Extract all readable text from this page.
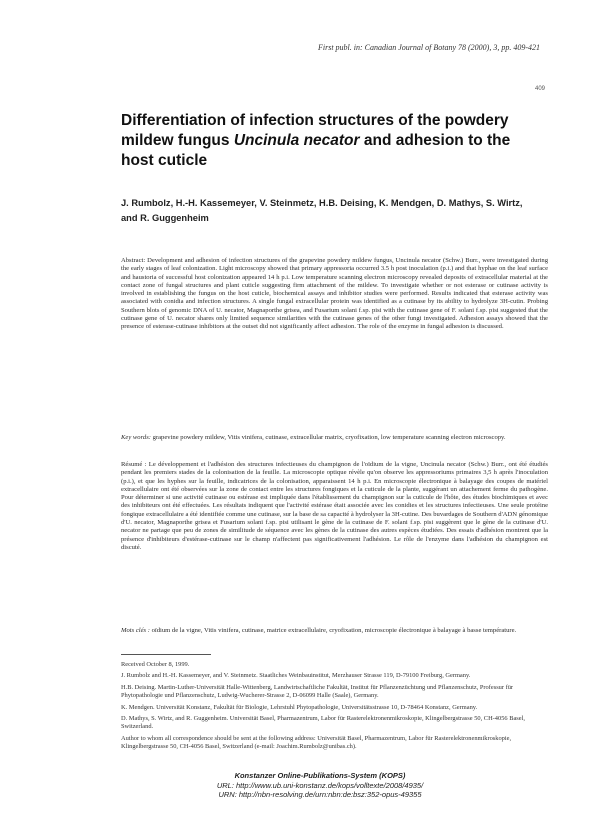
First publ. in: Canadian Journal of Botany 78 (2000), 3, pp. 409-421
409
Differentiation of infection structures of the powdery mildew fungus Uncinula necator and adhesion to the host cuticle
J. Rumbolz, H.-H. Kassemeyer, V. Steinmetz, H.B. Deising, K. Mendgen, D. Mathys, S. Wirtz, and R. Guggenheim
Abstract: Development and adhesion of infection structures of the grapevine powdery mildew fungus, Uncinula necator (Schw.) Burr., were investigated during the early stages of leaf colonization. Light microscopy showed that primary appressoria occurred 3.5 h post inoculation (p.i.) and that hyphae on the leaf surface and haustoria of successful host colonization appeared 14 h p.i. Low temperature scanning electron microscopy revealed deposits of extracellular material at the contact zone of fungal structures and plant cuticle suggesting firm attachment of the mildew. To investigate whether or not esterase or cutinase activity is involved in establishing the fungus on the host cuticle, biochemical assays and inhibitor studies were performed. Results indicated that esterase activity was associated with conidia and infection structures. A single fungal extracellular protein was identified as a cutinase by its ability to hydrolyze 3H-cutin. Probing Southern blots of genomic DNA of U. necator, Magnaporthe grisea, and Fusarium solani f.sp. pisi with the cutinase gene of F. solani f.sp. pisi suggested that the cutinase gene of U. necator shares only limited sequence similarities with the cutinase genes of the other fungi investigated. Adhesion assays showed that the presence of esterase-cutinase inhibitors at the outset did not significantly affect adhesion. The role of the enzyme in fungal adhesion is discussed.
Key words: grapevine powdery mildew, Vitis vinifera, cutinase, extracellular matrix, cryofixation, low temperature scanning electron microscopy.
Résumé : Le développement et l'adhésion des structures infectieuses du champignon de l'oïdium de la vigne, Uncinula necator (Schw.) Burr., ont été étudiés pendant les premiers stades de la colonisation de la feuille. La microscopie optique révèle qu'on observe les appressoriums primaires 3,5 h après l'inoculation (p.i.), et que les hyphes sur la feuille, indicatrices de la colonisation, apparaissent 14 h p.i. En microscopie électronique à balayage des coupes de matériel extracellulaire ont été observées sur la zone de contact entre les structures fongiques et la cuticule de la plante, suggérant un attachement ferme du pathogène. Pour déterminer si une activité cutinase ou estérase est impliquée dans l'établissement du champignon sur la cuticule de l'hôte, des études biochimiques et avec des inhibiteurs ont été effectuées. Les résultats indiquent que l'activité estérase était associée avec les conidies et les structures infectieuses. Une seule protéine fongique extracellulaire a été identifiée comme une cutinase, sur la base de sa capacité à hydrolyser la 3H-cutine. Des buvardages de Southern d'ADN génomique d'U. necator, Magnaporthe grisea et Fusarium solani f.sp. pisi utilisant le gène de la cutinase de F. solani f.sp. pisi suggèrent que le gène de la cutinase d'U. necator ne partage que peu de zones de similitude de séquence avec les gènes de la cutinase des autres espèces étudiées. Des essais d'adhésion montrent que la présence d'inhibiteurs d'estérase-cutinase sur le champ n'affectent pas significativement l'adhésion. Le rôle de l'enzyme dans l'adhésion du champignon est discuté.
Mots clés : oïdium de la vigne, Vitis vinifera, cutinase, matrice extracellulaire, cryofixation, microscopie électronique à balayage à basse température.

Received October 8, 1999.

J. Rumbolz and H.-H. Kassemeyer, and V. Steinmetz. Staatliches Weinbauinstitut, Merzhauser Strasse 119, D-79100 Freiburg, Germany.

H.B. Deising. Martin-Luther-Universität Halle-Wittenberg, Landwirtschaftliche Fakultät, Institut für Pflanzenzüchtung und Pflanzenschutz, Professur für Phytopathologie und Pflanzenschutz, Ludwig-Wucherer-Strasse 2, D-06099 Halle (Saale), Germany.

K. Mendgen. Universität Konstanz, Fakultät für Biologie, Lehrstuhl Phytopathologie, Universitätsstrasse 10, D-78464 Konstanz, Germany.

D. Mathys, S. Wirtz, and R. Guggenheim. Universität Basel, Pharmazentrum, Labor für Rasterelektronenmikroskopie, Klingelbergstrasse 50, CH-4056 Basel, Switzerland.

Author to whom all correspondence should be sent at the following address: Universität Basel, Pharmazentrum, Labor für Rasterelektronenmikroskopie, Klingelbergstrasse 50, CH-4056 Basel, Switzerland (e-mail: Joachim.Rumbolz@unibas.ch).

Konstanzer Online-Publikations-System (KOPS)
URL: http://www.ub.uni-konstanz.de/kops/volltexte/2008/4935/
URN: http://nbn-resolving.de/urn:nbn:de:bsz:352-opus-49355
